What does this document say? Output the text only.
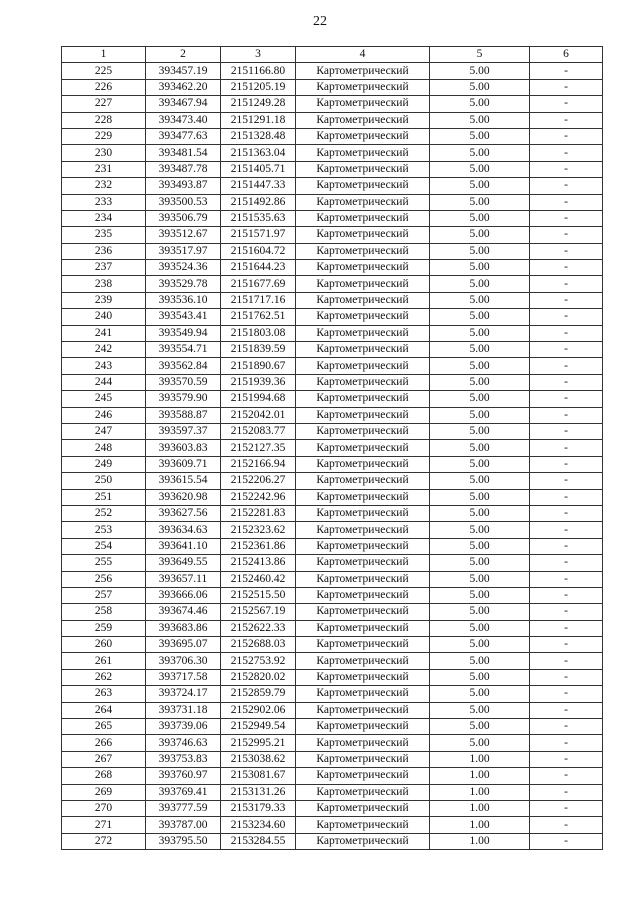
22
1	2	3	4	5	6
225	393457.19	2151166.80	Картометрический	5.00	-
226	393462.20	2151205.19	Картометрический	5.00	-
227	393467.94	2151249.28	Картометрический	5.00	-
228	393473.40	2151291.18	Картометрический	5.00	-
229	393477.63	2151328.48	Картометрический	5.00	-
230	393481.54	2151363.04	Картометрический	5.00	-
231	393487.78	2151405.71	Картометрический	5.00	-
232	393493.87	2151447.33	Картометрический	5.00	-
233	393500.53	2151492.86	Картометрический	5.00	-
234	393506.79	2151535.63	Картометрический	5.00	-
235	393512.67	2151571.97	Картометрический	5.00	-
236	393517.97	2151604.72	Картометрический	5.00	-
237	393524.36	2151644.23	Картометрический	5.00	-
238	393529.78	2151677.69	Картометрический	5.00	-
239	393536.10	2151717.16	Картометрический	5.00	-
240	393543.41	2151762.51	Картометрический	5.00	-
241	393549.94	2151803.08	Картометрический	5.00	-
242	393554.71	2151839.59	Картометрический	5.00	-
243	393562.84	2151890.67	Картометрический	5.00	-
244	393570.59	2151939.36	Картометрический	5.00	-
245	393579.90	2151994.68	Картометрический	5.00	-
246	393588.87	2152042.01	Картометрический	5.00	-
247	393597.37	2152083.77	Картометрический	5.00	-
248	393603.83	2152127.35	Картометрический	5.00	-
249	393609.71	2152166.94	Картометрический	5.00	-
250	393615.54	2152206.27	Картометрический	5.00	-
251	393620.98	2152242.96	Картометрический	5.00	-
252	393627.56	2152281.83	Картометрический	5.00	-
253	393634.63	2152323.62	Картометрический	5.00	-
254	393641.10	2152361.86	Картометрический	5.00	-
255	393649.55	2152413.86	Картометрический	5.00	-
256	393657.11	2152460.42	Картометрический	5.00	-
257	393666.06	2152515.50	Картометрический	5.00	-
258	393674.46	2152567.19	Картометрический	5.00	-
259	393683.86	2152622.33	Картометрический	5.00	-
260	393695.07	2152688.03	Картометрический	5.00	-
261	393706.30	2152753.92	Картометрический	5.00	-
262	393717.58	2152820.02	Картометрический	5.00	-
263	393724.17	2152859.79	Картометрический	5.00	-
264	393731.18	2152902.06	Картометрический	5.00	-
265	393739.06	2152949.54	Картометрический	5.00	-
266	393746.63	2152995.21	Картометрический	5.00	-
267	393753.83	2153038.62	Картометрический	1.00	-
268	393760.97	2153081.67	Картометрический	1.00	-
269	393769.41	2153131.26	Картометрический	1.00	-
270	393777.59	2153179.33	Картометрический	1.00	-
271	393787.00	2153234.60	Картометрический	1.00	-
272	393795.50	2153284.55	Картометрический	1.00	-
